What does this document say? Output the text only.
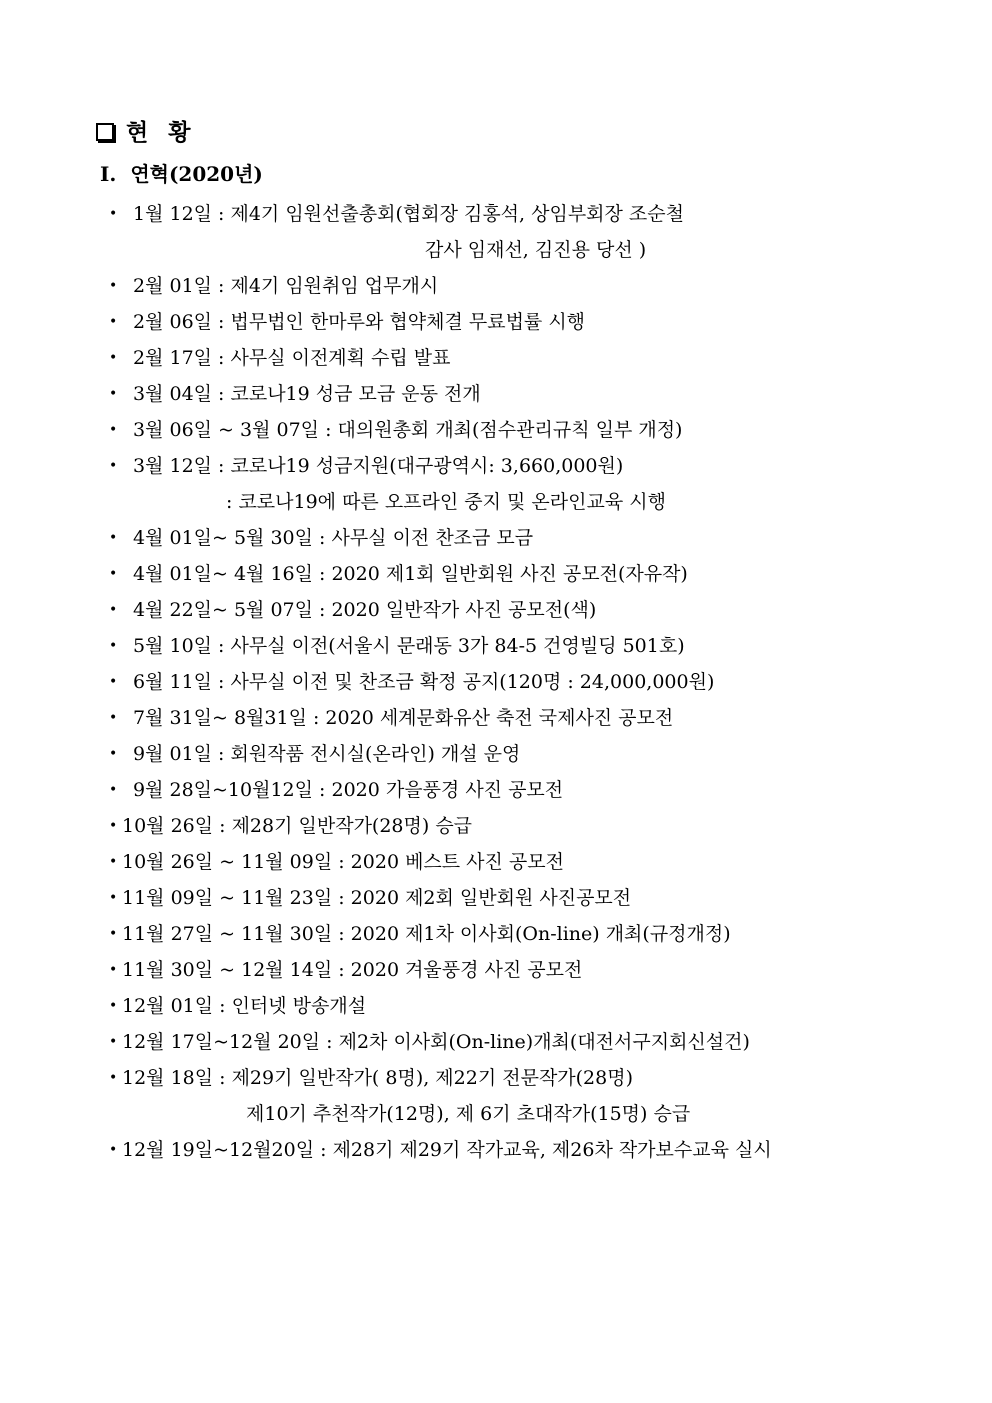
현 황
Ⅰ. 연혁(2020년)
• 1월 12일 : 제4기 임원선출총회(협회장 김홍석, 상임부회장 조순철
감사 임재선, 김진용 당선 )
• 2월 01일 : 제4기 임원취임 업무개시
• 2월 06일 : 법무법인 한마루와 협약체결 무료법률 시행
• 2월 17일 : 사무실 이전계획 수립 발표
• 3월 04일 : 코로나19 성금 모금 운동 전개
• 3월 06일 ~ 3월 07일 : 대의원총회 개최(점수관리규칙 일부 개정)
• 3월 12일 : 코로나19 성금지원(대구광역시: 3,660,000원)
: 코로나19에 따른 오프라인 중지 및 온라인교육 시행
• 4월 01일~ 5월 30일 : 사무실 이전 찬조금 모금
• 4월 01일~ 4월 16일 : 2020 제1회 일반회원 사진 공모전(자유작)
• 4월 22일~ 5월 07일 : 2020 일반작가 사진 공모전(색)
• 5월 10일 : 사무실 이전(서울시 문래동 3가 84-5 건영빌딩 501호)
• 6월 11일 : 사무실 이전 및 찬조금 확정 공지(120명 : 24,000,000원)
• 7월 31일~ 8월31일 : 2020 세계문화유산 축전 국제사진 공모전
• 9월 01일 : 회원작품 전시실(온라인) 개설 운영
• 9월 28일~10월12일 : 2020 가을풍경 사진 공모전
• 10월 26일 : 제28기 일반작가(28명) 승급
• 10월 26일 ~ 11월 09일 : 2020 베스트 사진 공모전
• 11월 09일 ~ 11월 23일 : 2020 제2회 일반회원 사진공모전
• 11월 27일 ~ 11월 30일 : 2020 제1차 이사회(On-line) 개최(규정개정)
• 11월 30일 ~ 12월 14일 : 2020 겨울풍경 사진 공모전
• 12월 01일 : 인터넷 방송개설
• 12월 17일~12월 20일 : 제2차 이사회(On-line)개최(대전서구지회신설건)
• 12월 18일 : 제29기 일반작가( 8명), 제22기 전문작가(28명)
제10기 추천작가(12명), 제 6기 초대작가(15명) 승급
• 12월 19일~12월20일 : 제28기 제29기 작가교육, 제26차 작가보수교육 실시
